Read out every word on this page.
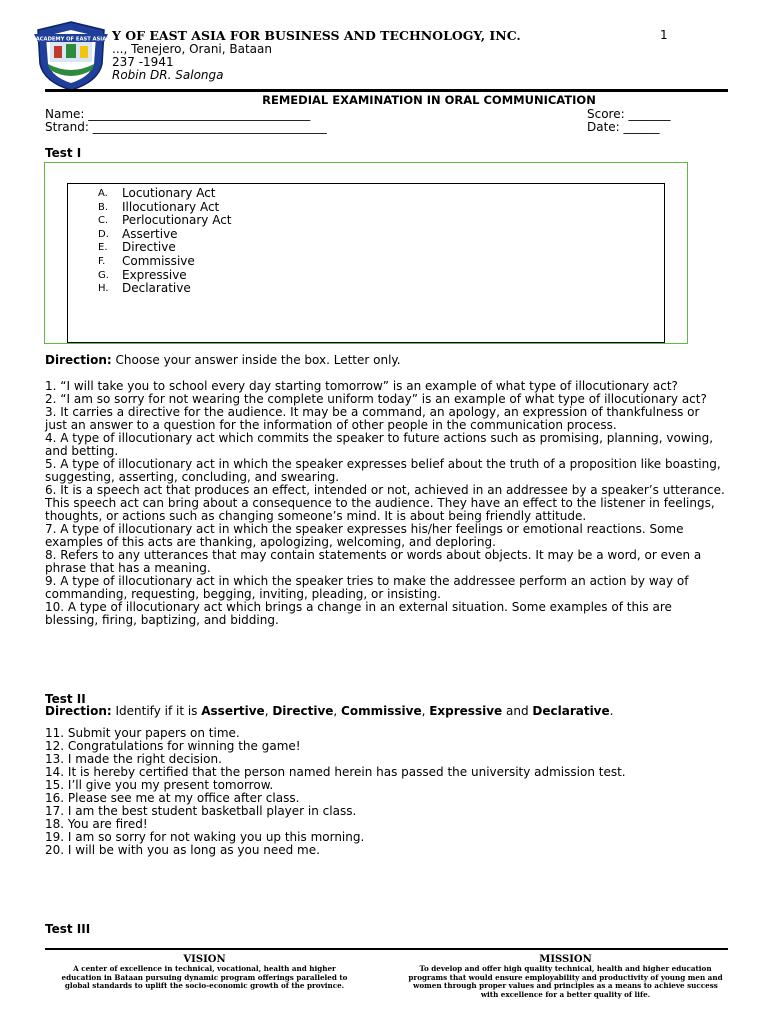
ACADEMY OF EAST ASIA Y OF EAST ASIA FOR BUSINESS AND TECHNOLOGY, INC.	1
..., Tenejero, Orani, Bataan
237 -1941
Robin DR. Salonga
REMEDIAL EXAMINATION IN ORAL COMMUNICATION
Name: _____________________________________	Score: _______
Strand: _______________________________________	Date: ______
Test I
A.	Locutionary Act
B.	Illocutionary Act
C.	Perlocutionary Act
D.	Assertive
E.	Directive
F.	Commissive
G.	Expressive
H.	Declarative

Direction: Choose your answer inside the box. Letter only.

1. “I will take you to school every day starting tomorrow” is an example of what type of illocutionary act?

2. “I am so sorry for not wearing the complete uniform today” is an example of what type of illocutionary act?

3. It carries a directive for the audience. It may be a command, an apology, an expression of thankfulness or just an answer to a question for the information of other people in the communication process.

4. A type of illocutionary act which commits the speaker to future actions such as promising, planning, vowing, and betting.

5. A type of illocutionary act in which the speaker expresses belief about the truth of a proposition like boasting, suggesting, asserting, concluding, and swearing.

6. It is a speech act that produces an effect, intended or not, achieved in an addressee by a speaker’s utterance. This speech act can bring about a consequence to the audience. They have an effect to the listener in feelings, thoughts, or actions such as changing someone’s mind. It is about being friendly attitude.

7. A type of illocutionary act in which the speaker expresses his/her feelings or emotional reactions. Some examples of this acts are thanking, apologizing, welcoming, and deploring.

8. Refers to any utterances that may contain statements or words about objects. It may be a word, or even a phrase that has a meaning.

9. A type of illocutionary act in which the speaker tries to make the addressee perform an action by way of commanding, requesting, begging, inviting, pleading, or insisting.

10. A type of illocutionary act which brings a change in an external situation. Some examples of this are blessing, firing, baptizing, and bidding.

Test II

Direction: Identify if it is Assertive, Directive, Commissive, Expressive and Declarative.

11. Submit your papers on time.

12. Congratulations for winning the game!

13. I made the right decision.

14. It is hereby certified that the person named herein has passed the university admission test.

15. I’ll give you my present tomorrow.

16. Please see me at my office after class.

17. I am the best student basketball player in class.

18. You are fired!

19. I am so sorry for not waking you up this morning.

20. I will be with you as long as you need me.

Test III
VISION
A center of excellence in technical, vocational, health and higher education in Bataan pursuing dynamic program offerings paralleled to global standards to uplift the socio-economic growth of the province.
MISSION
To develop and offer high quality technical, health and higher education programs that would ensure employability and productivity of young men and women through proper values and principles as a means to achieve success with excellence for a better quality of life.
